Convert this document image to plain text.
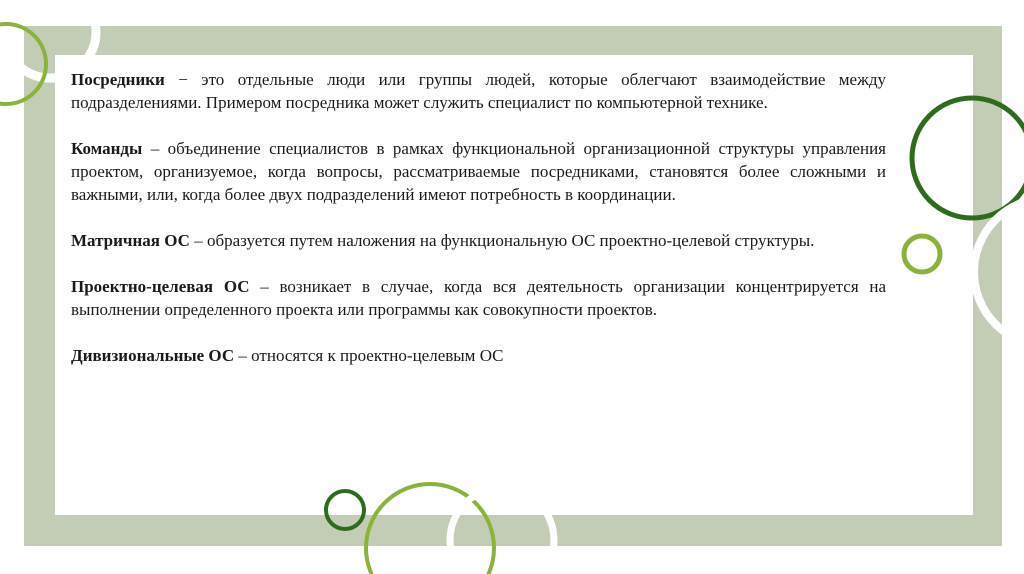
Посредники − это отдельные люди или группы людей, которые облегчают взаимодействие между подразделениями. Примером посредника может служить специалист по компьютерной технике.

Команды – объединение специалистов в рамках функциональной организационной структуры управления проектом, организуемое, когда вопросы, рассматриваемые посредниками, становятся более сложными и важными, или, когда более двух подразделений имеют потребность в координации.

Матричная ОС – образуется путем наложения на функциональную ОС проектно-целевой структуры.

Проектно-целевая ОС – возникает в случае, когда вся деятельность организации концентрируется на выполнении определенного проекта или программы как совокупности проектов.

Дивизиональные ОС – относятся к проектно-целевым ОС
